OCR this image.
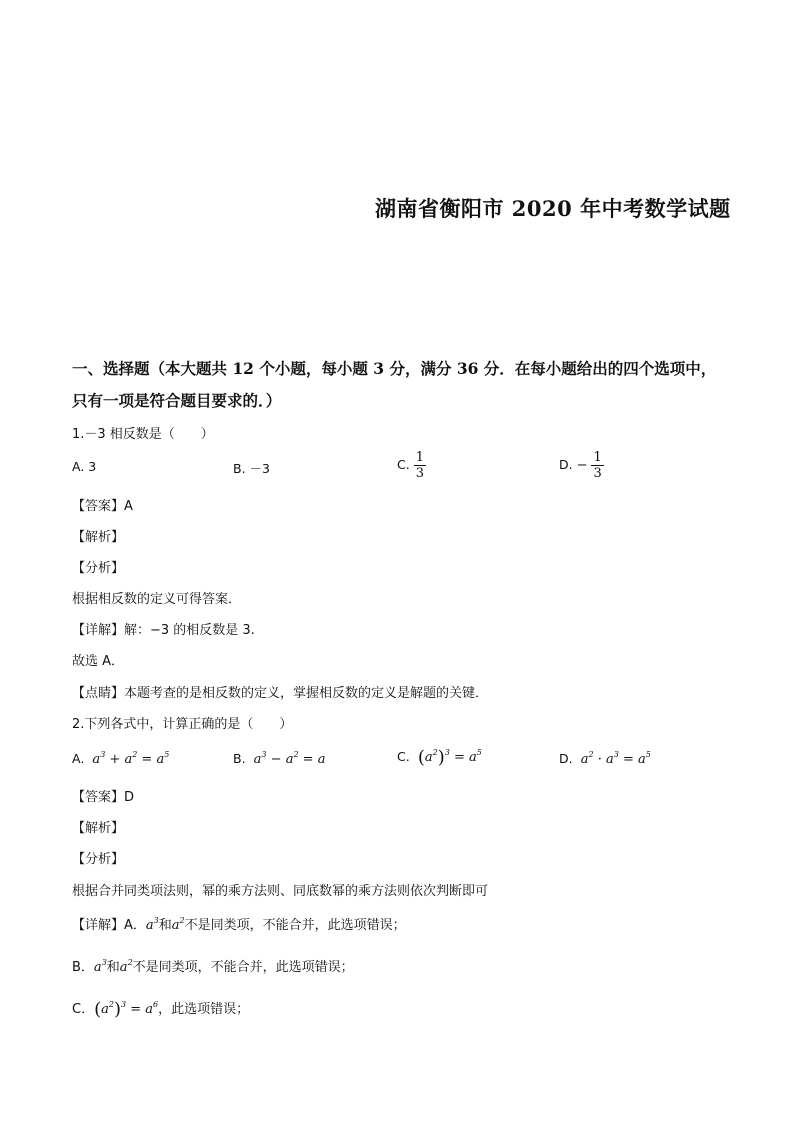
湖南省衡阳市 2020 年中考数学试题
一、选择题（本大题共 12 个小题，每小题 3 分，满分 36 分．在每小题给出的四个选项中，
只有一项是符合题目要求的．）
1.－3 相反数是（　　）
A. 3	B. －3	C. $\frac{1}{3}$	D. − $\frac{1}{3}$
【答案】A
【解析】
【分析】
根据相反数的定义可得答案．
【详解】解：−3 的相反数是 3.
故选 A．
【点睛】本题考查的是相反数的定义，掌握相反数的定义是解题的关键．
2.下列各式中，计算正确的是（　　）
A.  $a^3 + a^2 = a^5$	B.  $a^3 - a^2 = a$	C. $(a^2)^3 = a^5$	D.  $a^2 \cdot a^3 = a^5$
【答案】D
【解析】
【分析】
根据合并同类项法则，幂的乘方法则、同底数幂的乘方法则依次判断即可
【详解】A．$a^3$和$a^2$不是同类项，不能合并，此选项错误；
B．$a^3$和$a^2$不是同类项，不能合并，此选项错误；
C．$(a^2)^3 = a^6$，此选项错误；
